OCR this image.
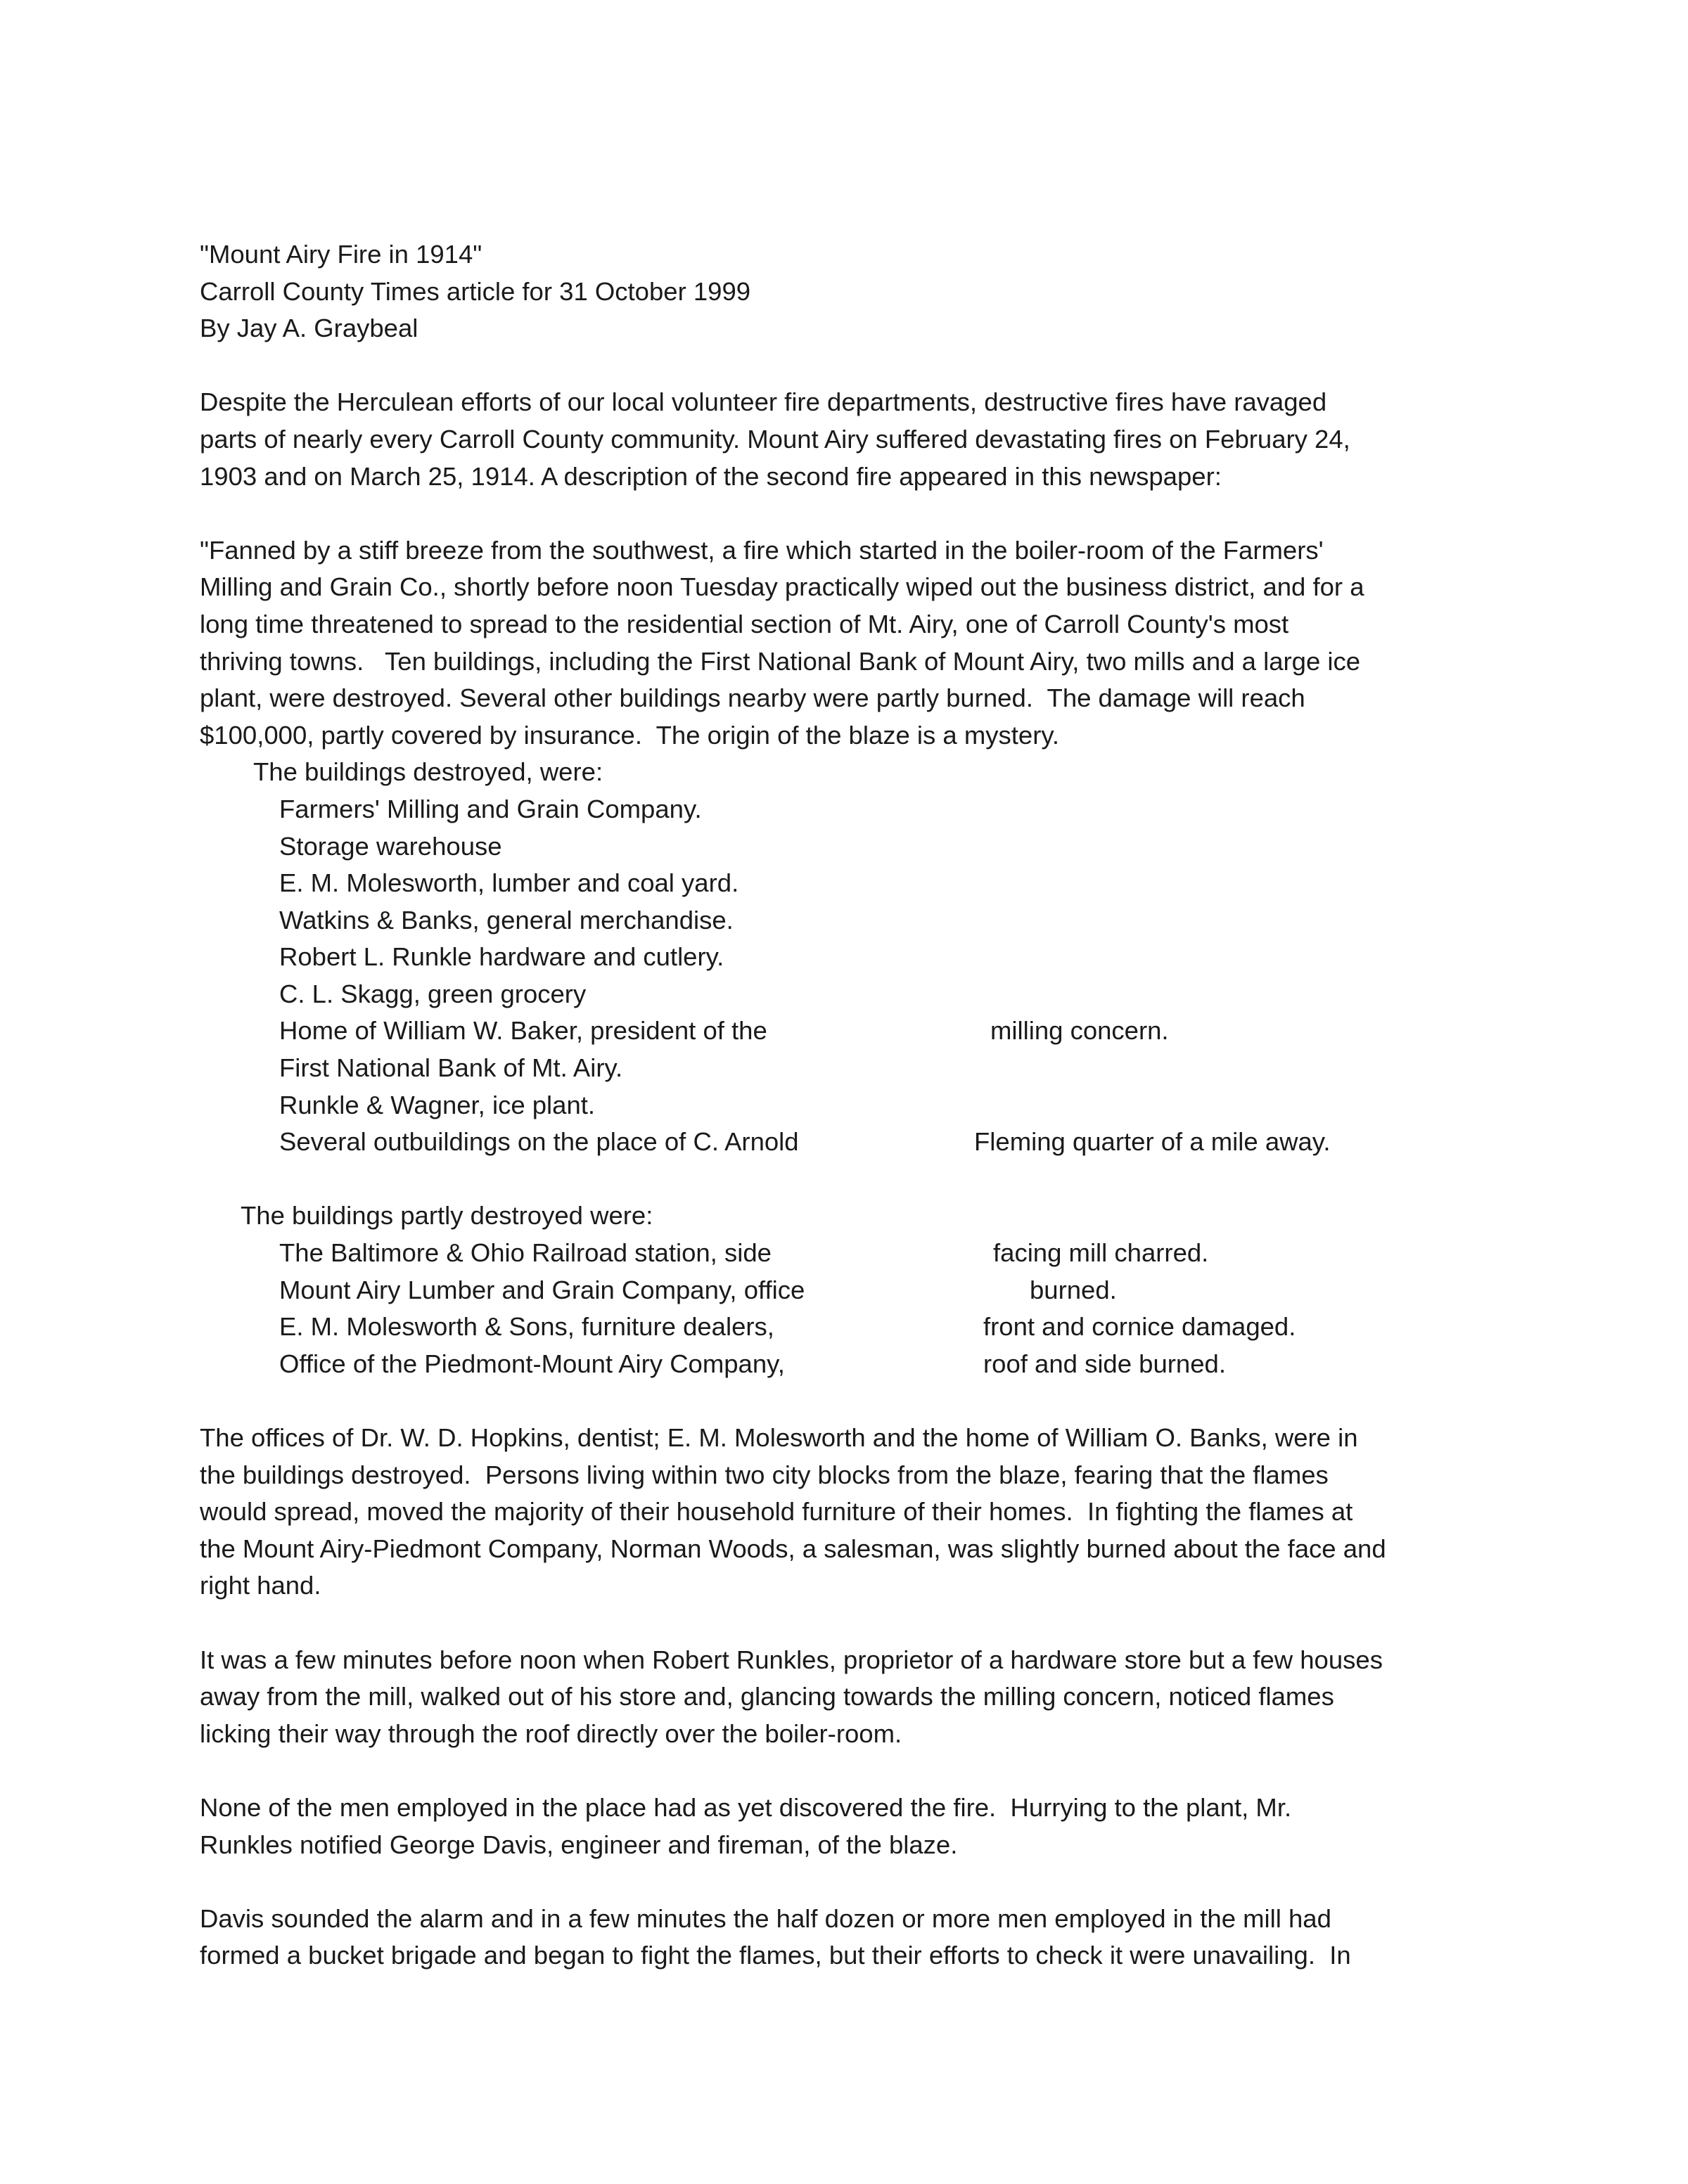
"Mount Airy Fire in 1914"
Carroll County Times article for 31 October 1999
By Jay A. Graybeal
Despite the Herculean efforts of our local volunteer fire departments, destructive fires have ravaged
parts of nearly every Carroll County community. Mount Airy suffered devastating fires on February 24,
1903 and on March 25, 1914. A description of the second fire appeared in this newspaper:
"Fanned by a stiff breeze from the southwest, a fire which started in the boiler-room of the Farmers'
Milling and Grain Co., shortly before noon Tuesday practically wiped out the business district, and for a
long time threatened to spread to the residential section of Mt. Airy, one of Carroll County's most
thriving towns.   Ten buildings, including the First National Bank of Mount Airy, two mills and a large ice
plant, were destroyed. Several other buildings nearby were partly burned.  The damage will reach
$100,000, partly covered by insurance.  The origin of the blaze is a mystery.
The buildings destroyed, were:
Farmers' Milling and Grain Company.
Storage warehouse
E. M. Molesworth, lumber and coal yard.
Watkins & Banks, general merchandise.
Robert L. Runkle hardware and cutlery.
C. L. Skagg, green grocery
Home of William W. Baker, president of the	milling concern.
First National Bank of Mt. Airy.
Runkle & Wagner, ice plant.
Several outbuildings on the place of C. Arnold	Fleming quarter of a mile away.
The buildings partly destroyed were:
The Baltimore & Ohio Railroad station, side	facing mill charred.
Mount Airy Lumber and Grain Company, office	burned.
E. M. Molesworth & Sons, furniture dealers,	front and cornice damaged.
Office of the Piedmont-Mount Airy Company,	roof and side burned.
The offices of Dr. W. D. Hopkins, dentist; E. M. Molesworth and the home of William O. Banks, were in
the buildings destroyed.  Persons living within two city blocks from the blaze, fearing that the flames
would spread, moved the majority of their household furniture of their homes.  In fighting the flames at
the Mount Airy-Piedmont Company, Norman Woods, a salesman, was slightly burned about the face and
right hand.
It was a few minutes before noon when Robert Runkles, proprietor of a hardware store but a few houses
away from the mill, walked out of his store and, glancing towards the milling concern, noticed flames
licking their way through the roof directly over the boiler-room.
None of the men employed in the place had as yet discovered the fire.  Hurrying to the plant, Mr.
Runkles notified George Davis, engineer and fireman, of the blaze.
Davis sounded the alarm and in a few minutes the half dozen or more men employed in the mill had
formed a bucket brigade and began to fight the flames, but their efforts to check it were unavailing.  In
